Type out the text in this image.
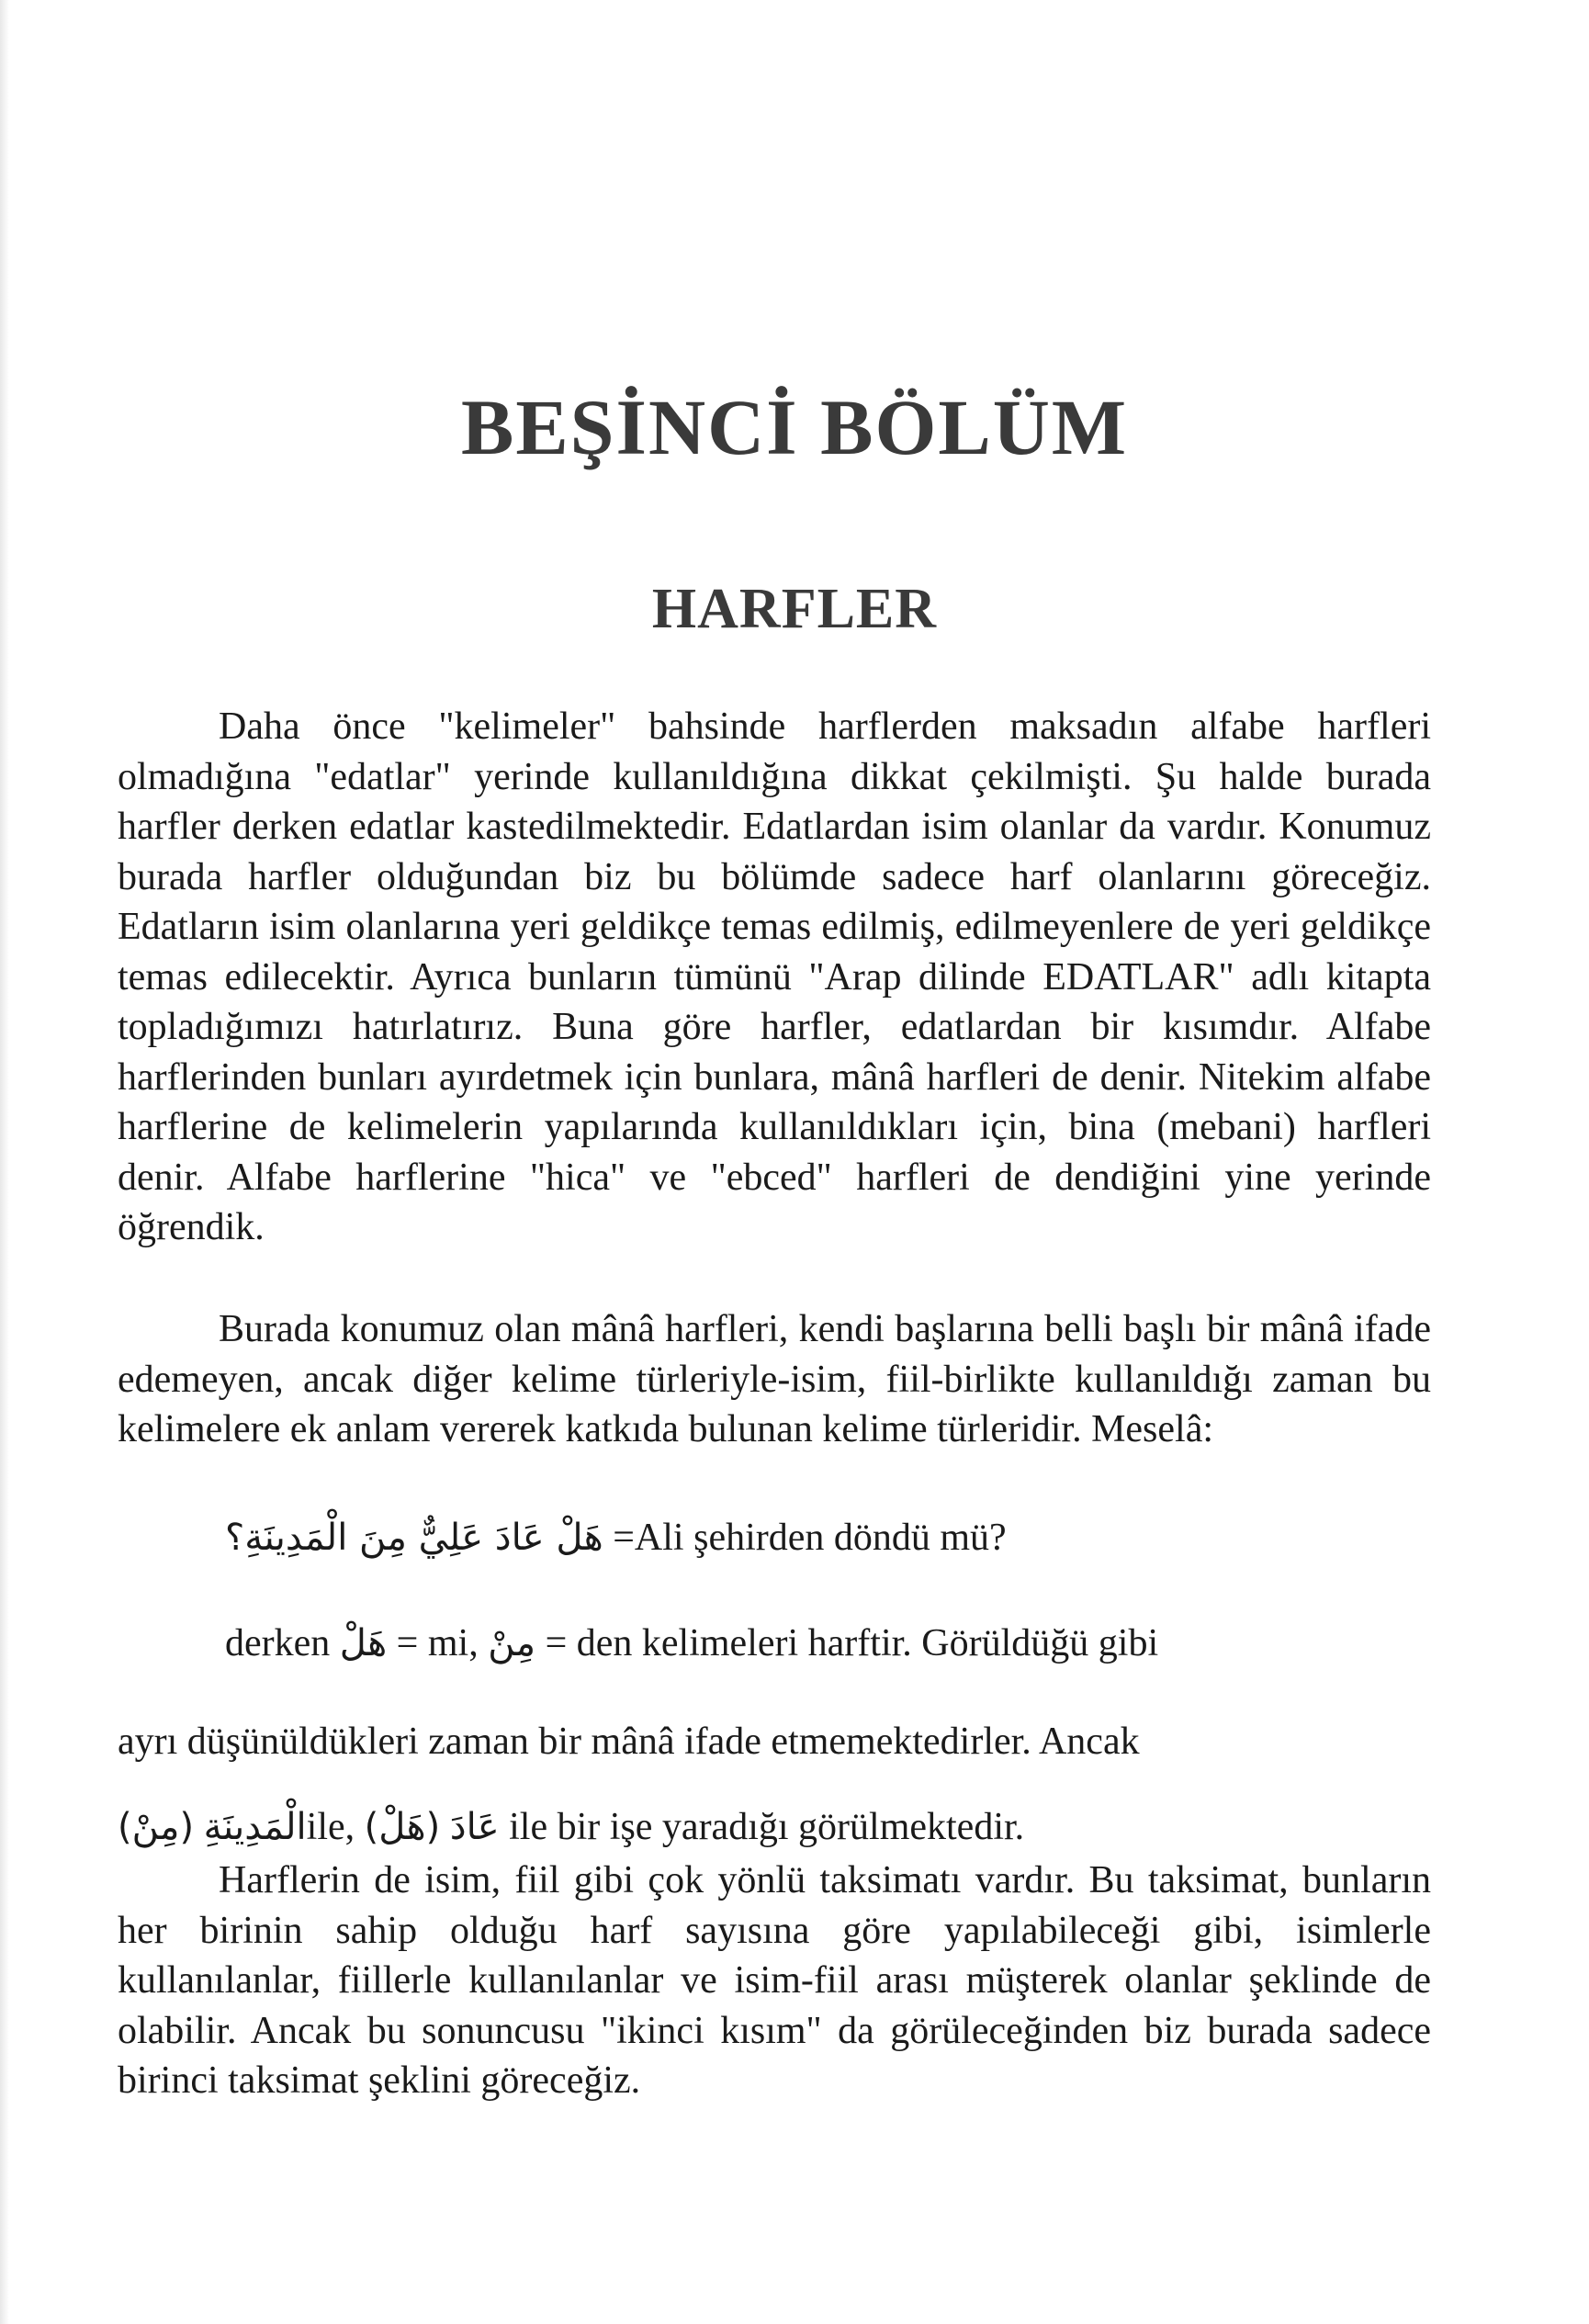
BEŞİNCİ BÖLÜM
HARFLER

Daha önce "kelimeler" bahsinde harflerden maksadın alfabe harfleri olmadığına "edatlar" yerinde kullanıldığına dikkat çekilmişti. Şu halde burada harfler derken edatlar kastedilmektedir. Edatlardan isim olanlar da vardır. Konumuz burada harfler olduğundan biz bu bölümde sadece harf olanlarını göreceğiz. Edatların isim olanlarına yeri geldikçe temas edilmiş, edilmeyenlere de yeri geldikçe temas edilecektir. Ayrıca bunların tümünü "Arap dilinde EDATLAR" adlı kitapta topladığımızı hatırlatırız. Buna göre harfler, edatlardan bir kısımdır. Alfabe harflerinden bunları ayırdetmek için bunlara, mânâ harfleri de denir. Nitekim alfabe harflerine de kelimelerin yapılarında kullanıldıkları için, bina (mebani) harfleri denir. Alfabe harflerine "hica" ve "ebced" harfleri de dendiğini yine yerinde öğrendik.

Burada konumuz olan mânâ harfleri, kendi başlarına belli başlı bir mânâ ifade edemeyen, ancak diğer kelime türleriyle-isim, fiil-birlikte kullanıldığı zaman bu kelimelere ek anlam vererek katkıda bulunan kelime türleridir. Meselâ:

هَلْ عَادَ عَلِيٌّ مِنَ الْمَدِينَةِ؟ =Ali şehirden döndü mü?
derken هَلْ = mi, مِنْ = den kelimeleri harftir. Görüldüğü gibi
ayrı düşünüldükleri zaman bir mânâ ifade etmemektedirler. Ancak
(مِنْ) الْمَدِينَةِile, (هَلْ) عَادَ ile bir işe yaradığı görülmektedir.

Harflerin de isim, fiil gibi çok yönlü taksimatı vardır. Bu taksimat, bunların her birinin sahip olduğu harf sayısına göre yapılabileceği gibi, isimlerle kullanılanlar, fiillerle kullanılanlar ve isim-fiil arası müşterek olanlar şeklinde de olabilir. Ancak bu sonuncusu "ikinci kısım" da görüleceğinden biz burada sadece birinci taksimat şeklini göreceğiz.
